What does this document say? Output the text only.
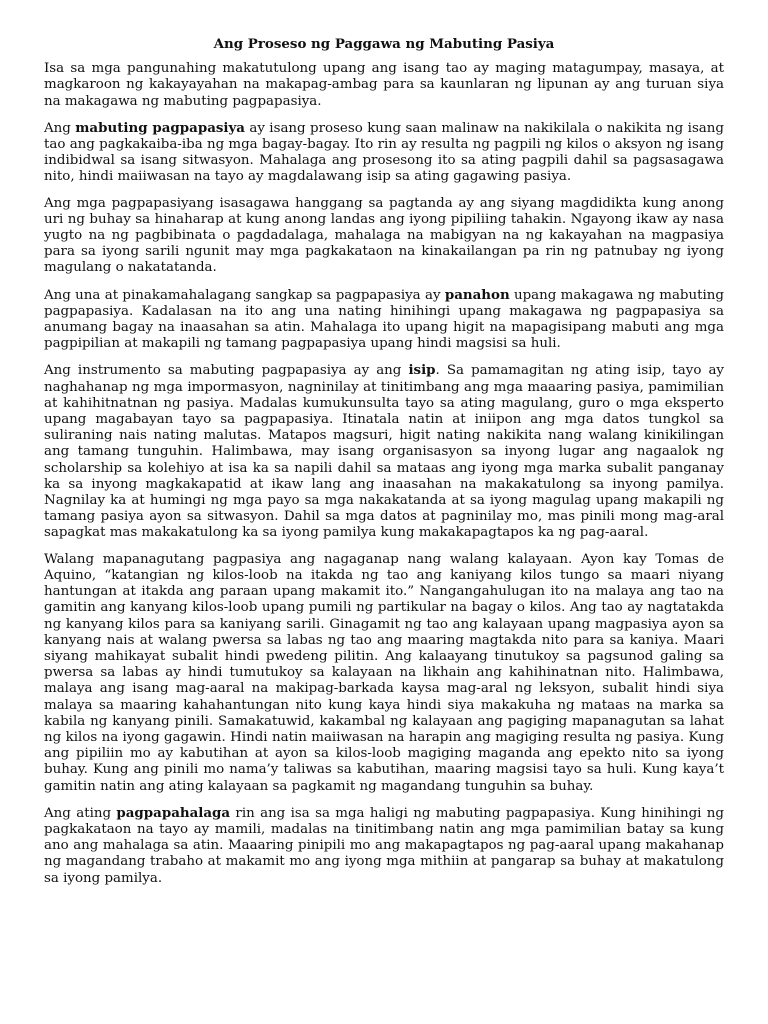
Ang Proseso ng Paggawa ng Mabuting Pasiya

Isa sa mga pangunahing makatutulong upang ang isang tao ay maging matagumpay, masaya, at magkaroon ng kakayayahan na makapag-ambag para sa kaunlaran ng lipunan ay ang turuan siya na makagawa ng mabuting pagpapasiya.

Ang mabuting pagpapasiya ay isang proseso kung saan malinaw na nakikilala o nakikita ng isang tao ang pagkakaiba-iba ng mga bagay-bagay. Ito rin ay resulta ng pagpili ng kilos o aksyon ng isang indibidwal sa isang sitwasyon. Mahalaga ang prosesong ito sa ating pagpili dahil sa pagsasagawa nito, hindi maiiwasan na tayo ay magdalawang isip sa ating gagawing pasiya.

Ang mga pagpapasiyang isasagawa hanggang sa pagtanda ay ang siyang magdidikta kung anong uri ng buhay sa hinaharap at kung anong landas ang iyong pipiliing tahakin. Ngayong ikaw ay nasa yugto na ng pagbibinata o pagdadalaga, mahalaga na mabigyan na ng kakayahan na magpasiya para sa iyong sarili ngunit may mga pagkakataon na kinakailangan pa rin ng patnubay ng iyong magulang o nakatatanda.

Ang una at pinakamahalagang sangkap sa pagpapasiya ay panahon upang makagawa ng mabuting pagpapasiya. Kadalasan na ito ang una nating hinihingi upang makagawa ng pagpapasiya sa anumang bagay na inaasahan sa atin. Mahalaga ito upang higit na mapagisipang mabuti ang mga pagpipilian at makapili ng tamang pagpapasiya upang hindi magsisi sa huli.

Ang instrumento sa mabuting pagpapasiya ay ang isip. Sa pamamagitan ng ating isip, tayo ay naghahanap ng mga impormasyon, nagninilay at tinitimbang ang mga maaaring pasiya, pamimilian at kahihitnatnan ng pasiya. Madalas kumukunsulta tayo sa ating magulang, guro o mga eksperto upang magabayan tayo sa pagpapasiya. Itinatala natin at iniipon ang mga datos tungkol sa suliraning nais nating malutas. Matapos magsuri, higit nating nakikita nang walang kinikilingan ang tamang tunguhin. Halimbawa, may isang organisasyon sa inyong lugar ang nagaalok ng scholarship sa kolehiyo at isa ka sa napili dahil sa mataas ang iyong mga marka subalit panganay ka sa inyong magkakapatid at ikaw lang ang inaasahan na makakatulong sa inyong pamilya. Nagnilay ka at humingi ng mga payo sa mga nakakatanda at sa iyong magulag upang makapili ng tamang pasiya ayon sa sitwasyon. Dahil sa mga datos at pagninilay mo, mas pinili mong mag-aral sapagkat mas makakatulong ka sa iyong pamilya kung makakapagtapos ka ng pag-aaral.

Walang mapanagutang pagpasiya ang nagaganap nang walang kalayaan. Ayon kay Tomas de Aquino, “katangian ng kilos-loob na itakda ng tao ang kaniyang kilos tungo sa maari niyang hantungan at itakda ang paraan upang makamit ito.” Nangangahulugan ito na malaya ang tao na gamitin ang kanyang kilos-loob upang pumili ng partikular na bagay o kilos. Ang tao ay nagtatakda ng kanyang kilos para sa kaniyang sarili. Ginagamit ng tao ang kalayaan upang magpasiya ayon sa kanyang nais at walang pwersa sa labas ng tao ang maaring magtakda nito para sa kaniya. Maari siyang mahikayat subalit hindi pwedeng pilitin. Ang kalaayang tinutukoy sa pagsunod galing sa pwersa sa labas ay hindi tumutukoy sa kalayaan na likhain ang kahihinatnan nito. Halimbawa, malaya ang isang mag-aaral na makipag-barkada kaysa mag-aral ng leksyon, subalit hindi siya malaya sa maaring kahahantungan nito kung kaya hindi siya makakuha ng mataas na marka sa kabila ng kanyang pinili. Samakatuwid, kakambal ng kalayaan ang pagiging mapanagutan sa lahat ng kilos na iyong gagawin. Hindi natin maiiwasan na harapin ang magiging resulta ng pasiya. Kung ang pipiliin mo ay kabutihan at ayon sa kilos-loob magiging maganda ang epekto nito sa iyong buhay. Kung ang pinili mo nama’y taliwas sa kabutihan, maaring magsisi tayo sa huli. Kung kaya’t gamitin natin ang ating kalayaan sa pagkamit ng magandang tunguhin sa buhay.

Ang ating pagpapahalaga rin ang isa sa mga haligi ng mabuting pagpapasiya. Kung hinihingi ng pagkakataon na tayo ay mamili, madalas na tinitimbang natin ang mga pamimilian batay sa kung ano ang mahalaga sa atin. Maaaring pinipili mo ang makapagtapos ng pag-aaral upang makahanap ng magandang trabaho at makamit mo ang iyong mga mithiin at pangarap sa buhay at makatulong sa iyong pamilya.
